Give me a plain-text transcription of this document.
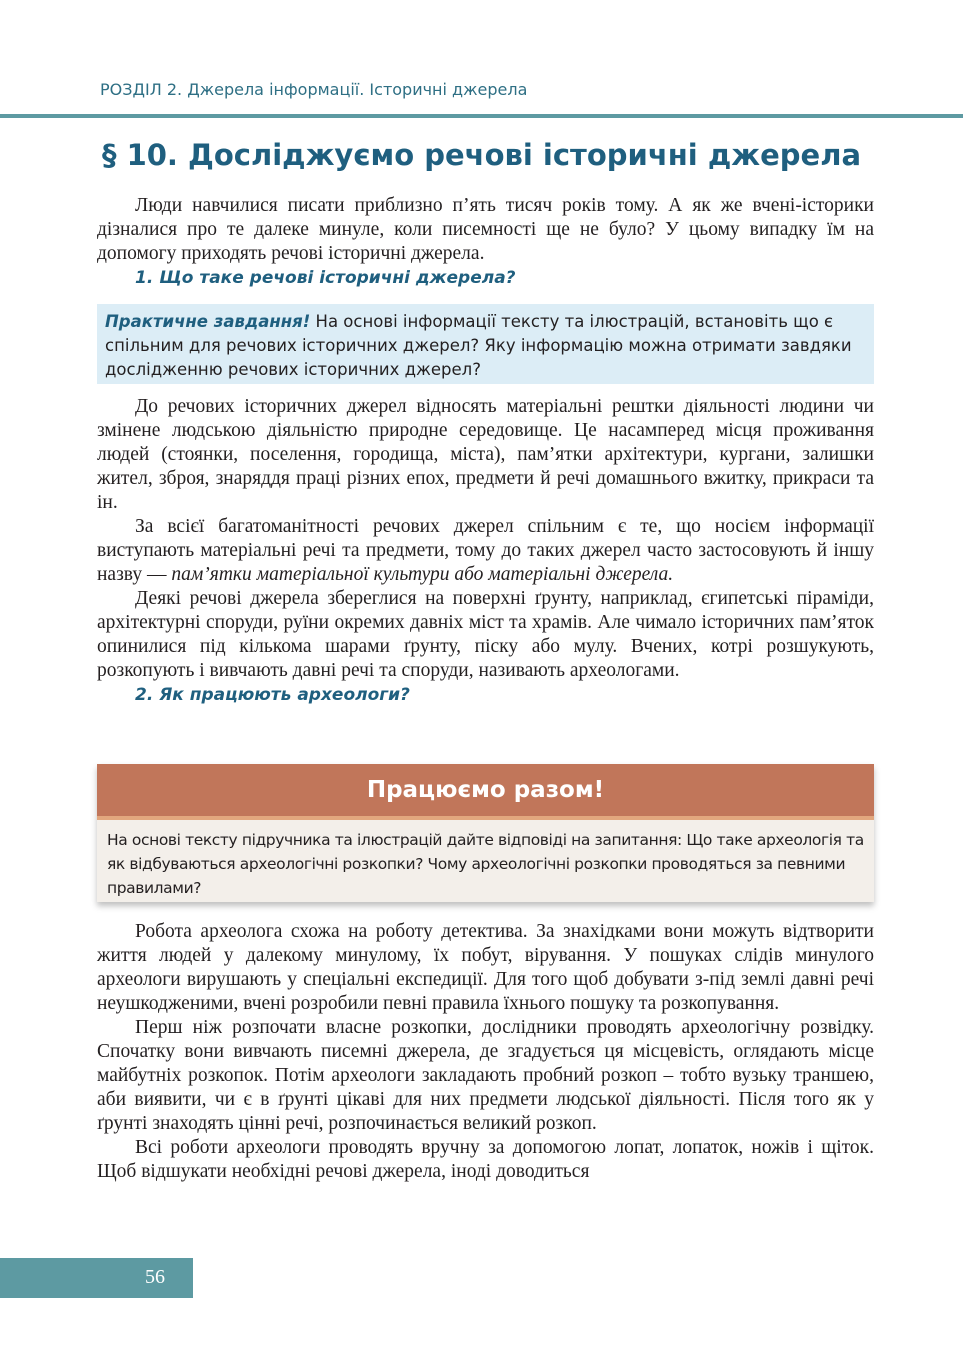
РОЗДІЛ 2. Джерела інформації. Історичні джерела
§ 10. Досліджуємо речові історичні джерела

Люди навчилися писати приблизно п’ять тисяч років тому. А як же вчені-історики дізналися про те далеке минуле, коли писемності ще не було? У цьому випадку їм на допомогу приходять речові історичні джерела.

1. Що таке речові історичні джерела?

Практичне завдання! На основі інформації тексту та ілюстрацій, встановіть що є спільним для речових історичних джерел? Яку інформацію можна отримати завдяки дослідженню речових історичних джерел?

До речових історичних джерел відносять матеріальні рештки діяльності людини чи змінене людською діяльністю природне середовище. Це насамперед місця проживання людей (стоянки, поселення, городища, міста), пам’ятки архітектури, кургани, залишки жител, зброя, знаряддя праці різних епох, предмети й речі домашнього вжитку, прикраси та ін.

За всієї багатоманітності речових джерел спільним є те, що носієм інформації виступають матеріальні речі та предмети, тому до таких джерел часто застосовують й іншу назву — пам’ятки матеріальної культури або матеріальні джерела.

Деякі речові джерела збереглися на поверхні ґрунту, наприклад, єгипетські піраміди, архітектурні споруди, руїни окремих давніх міст та храмів. Але чимало історичних пам’яток опинилися під кількома шарами ґрунту, піску або мулу. Вчених, котрі розшукують, розкопують і вивчають давні речі та споруди, називають археологами.

2. Як працюють археологи?

Працюємо разом!
На основі тексту підручника та ілюстрацій дайте відповіді на запитання: Що таке археологія та як відбуваються археологічні розкопки? Чому археологічні розкопки проводяться за певними правилами?

Робота археолога схожа на роботу детектива. За знахідками вони можуть відтворити життя людей у далекому минулому, їх побут, вірування. У пошуках слідів минулого археологи вирушають у спеціальні експедиції. Для того щоб добувати з-під землі давні речі неушкодженими, вчені розробили певні правила їхнього пошуку та розкопування.

Перш ніж розпочати власне розкопки, дослідники проводять археологічну розвідку. Спочатку вони вивчають писемні джерела, де згадується ця місцевість, оглядають місце майбутніх розкопок. Потім археологи закладають пробний розкоп – тобто вузьку траншею, аби виявити, чи є в ґрунті цікаві для них предмети людської діяльності. Після того як у ґрунті знаходять цінні речі, розпочинається великий розкоп.

Всі роботи археологи проводять вручну за допомогою лопат, лопаток, ножів і щіток. Щоб відшукати необхідні речові джерела, іноді доводиться

56
